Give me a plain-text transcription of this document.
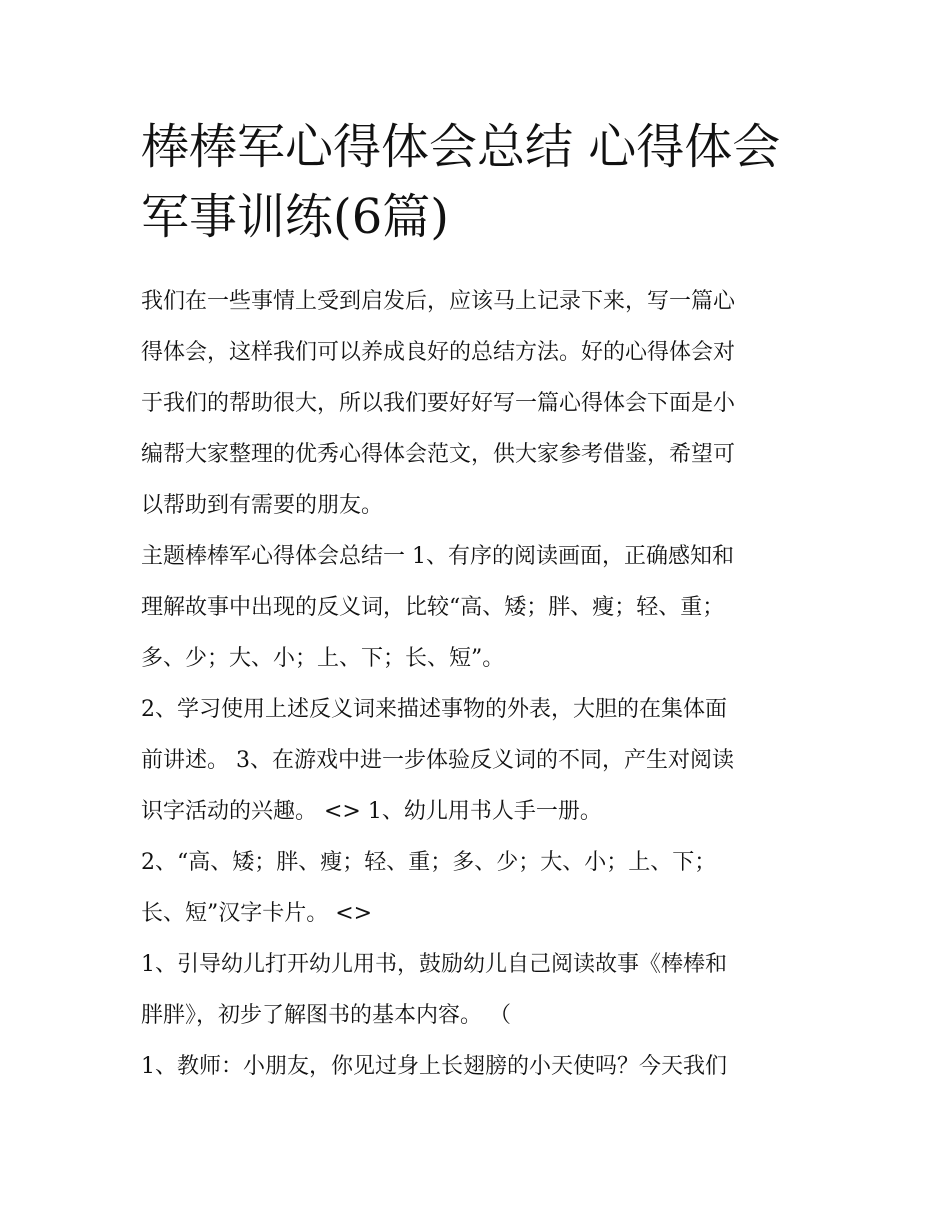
棒棒军心得体会总结 心得体会
军事训练(6篇)
我们在一些事情上受到启发后，应该马上记录下来，写一篇心
得体会，这样我们可以养成良好的总结方法。好的心得体会对
于我们的帮助很大，所以我们要好好写一篇心得体会下面是小
编帮大家整理的优秀心得体会范文，供大家参考借鉴，希望可
以帮助到有需要的朋友。
主题棒棒军心得体会总结一 1、有序的阅读画面，正确感知和
理解故事中出现的反义词，比较“高、矮；胖、瘦；轻、重；
多、少；大、小；上、下；长、短”。
2、学习使用上述反义词来描述事物的外表，大胆的在集体面
前讲述。 3、在游戏中进一步体验反义词的不同，产生对阅读
识字活动的兴趣。 <> 1、幼儿用书人手一册。
2、“高、矮；胖、瘦；轻、重；多、少；大、小；上、下；
长、短”汉字卡片。 <>
1、引导幼儿打开幼儿用书，鼓励幼儿自己阅读故事《棒棒和
胖胖》，初步了解图书的基本内容。 （
1、教师：小朋友，你见过身上长翅膀的小天使吗？今天我们
